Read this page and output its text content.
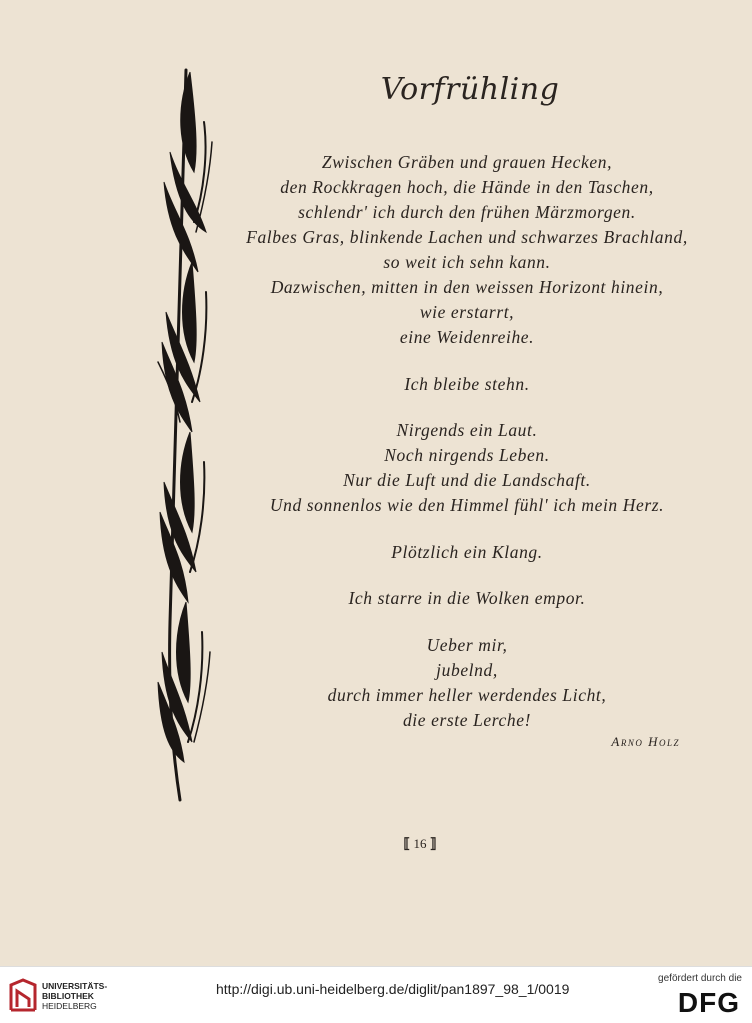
Vorfrühling
Zwischen Gräben und grauen Hecken,
den Rockkragen hoch, die Hände in den Taschen,
schlendr' ich durch den frühen Märzmorgen.
Falbes Gras, blinkende Lachen und schwarzes Brachland,
so weit ich sehn kann.
Dazwischen, mitten in den weissen Horizont hinein,
wie erstarrt,
eine Weidenreihe.
Ich bleibe stehn.
Nirgends ein Laut.
Noch nirgends Leben.
Nur die Luft und die Landschaft.
Und sonnenlos wie den Himmel fühl' ich mein Herz.
Plötzlich ein Klang.
Ich starre in die Wolken empor.
Ueber mir,
jubelnd,
durch immer heller werdendes Licht,
die erste Lerche!
Arno Holz
⟦ 16 ⟧
UNIVERSITÄTS-
BIBLIOTHEK
HEIDELBERG
http://digi.ub.uni-heidelberg.de/diglit/pan1897_98_1/0019
gefördert durch die
DFG
